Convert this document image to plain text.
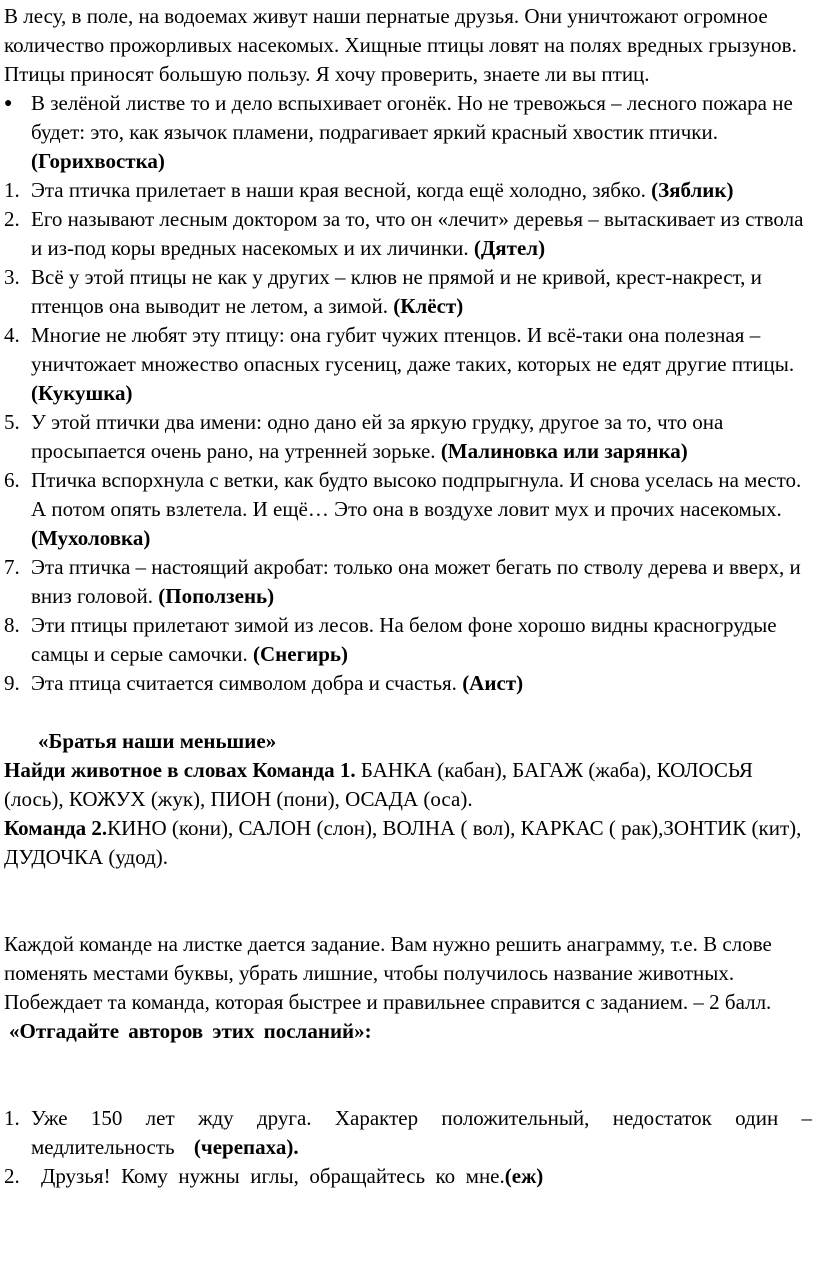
В лесу, в поле, на водоемах живут наши пернатые друзья. Они уничтожают огромное количество прожорливых насекомых. Хищные птицы ловят на полях вредных грызунов. Птицы приносят большую пользу. Я хочу проверить, знаете ли вы птиц.

● В зелёной листве то и дело вспыхивает огонёк. Но не тревожься – лесного пожара не будет: это, как язычок пламени, подрагивает яркий красный хвостик птички. (Горихвостка)
1. Эта птичка прилетает в наши края весной, когда ещё холодно, зябко. (Зяблик)
2. Его называют лесным доктором за то, что он «лечит» деревья – вытаскивает из ствола и из-под коры вредных насекомых и их личинки. (Дятел)
3. Всё у этой птицы не как у других – клюв не прямой и не кривой, крест-накрест, и птенцов она выводит не летом, а зимой. (Клёст)
4. Многие не любят эту птицу: она губит чужих птенцов. И всё-таки она полезная – уничтожает множество опасных гусениц, даже таких, которых не едят другие птицы. (Кукушка)
5. У этой птички два имени: одно дано ей за яркую грудку, другое за то, что она просыпается очень рано, на утренней зорьке. (Малиновка или зарянка)
6. Птичка вспорхнула с ветки, как будто высоко подпрыгнула. И снова уселась на место. А потом опять взлетела. И ещё… Это она в воздухе ловит мух и прочих насекомых. (Мухоловка)
7. Эта птичка – настоящий акробат: только она может бегать по стволу дерева и вверх, и вниз головой. (Поползень)
8. Эти птицы прилетают зимой из лесов. На белом фоне хорошо видны красногрудые самцы и серые самочки. (Снегирь)
9. Эта птица считается символом добра и счастья. (Аист)

«Братья наши меньшие»

Найди животное в словах Команда 1. БАНКА (кабан), БАГАЖ (жаба), КОЛОСЬЯ (лось), КОЖУХ (жук), ПИОН (пони), ОСАДА (оса).

Команда 2.КИНО (кони), САЛОН (слон), ВОЛНА ( вол), КАРКАС ( рак),ЗОНТИК (кит), ДУДОЧКА (удод).

Каждой команде на листке дается задание. Вам нужно решить анаграмму, т.е. В слове поменять местами буквы, убрать лишние, чтобы получилось название животных. Побеждает та команда, которая быстрее и правильнее справится с заданием. – 2 балл.

«Отгадайте авторов этих посланий»:

1. Уже 150 лет жду друга. Характер положительный, недостаток один – медлительность (черепаха).
2. Друзья!  Кому  нужны  иглы,  обращайтесь  ко  мне.(еж)
